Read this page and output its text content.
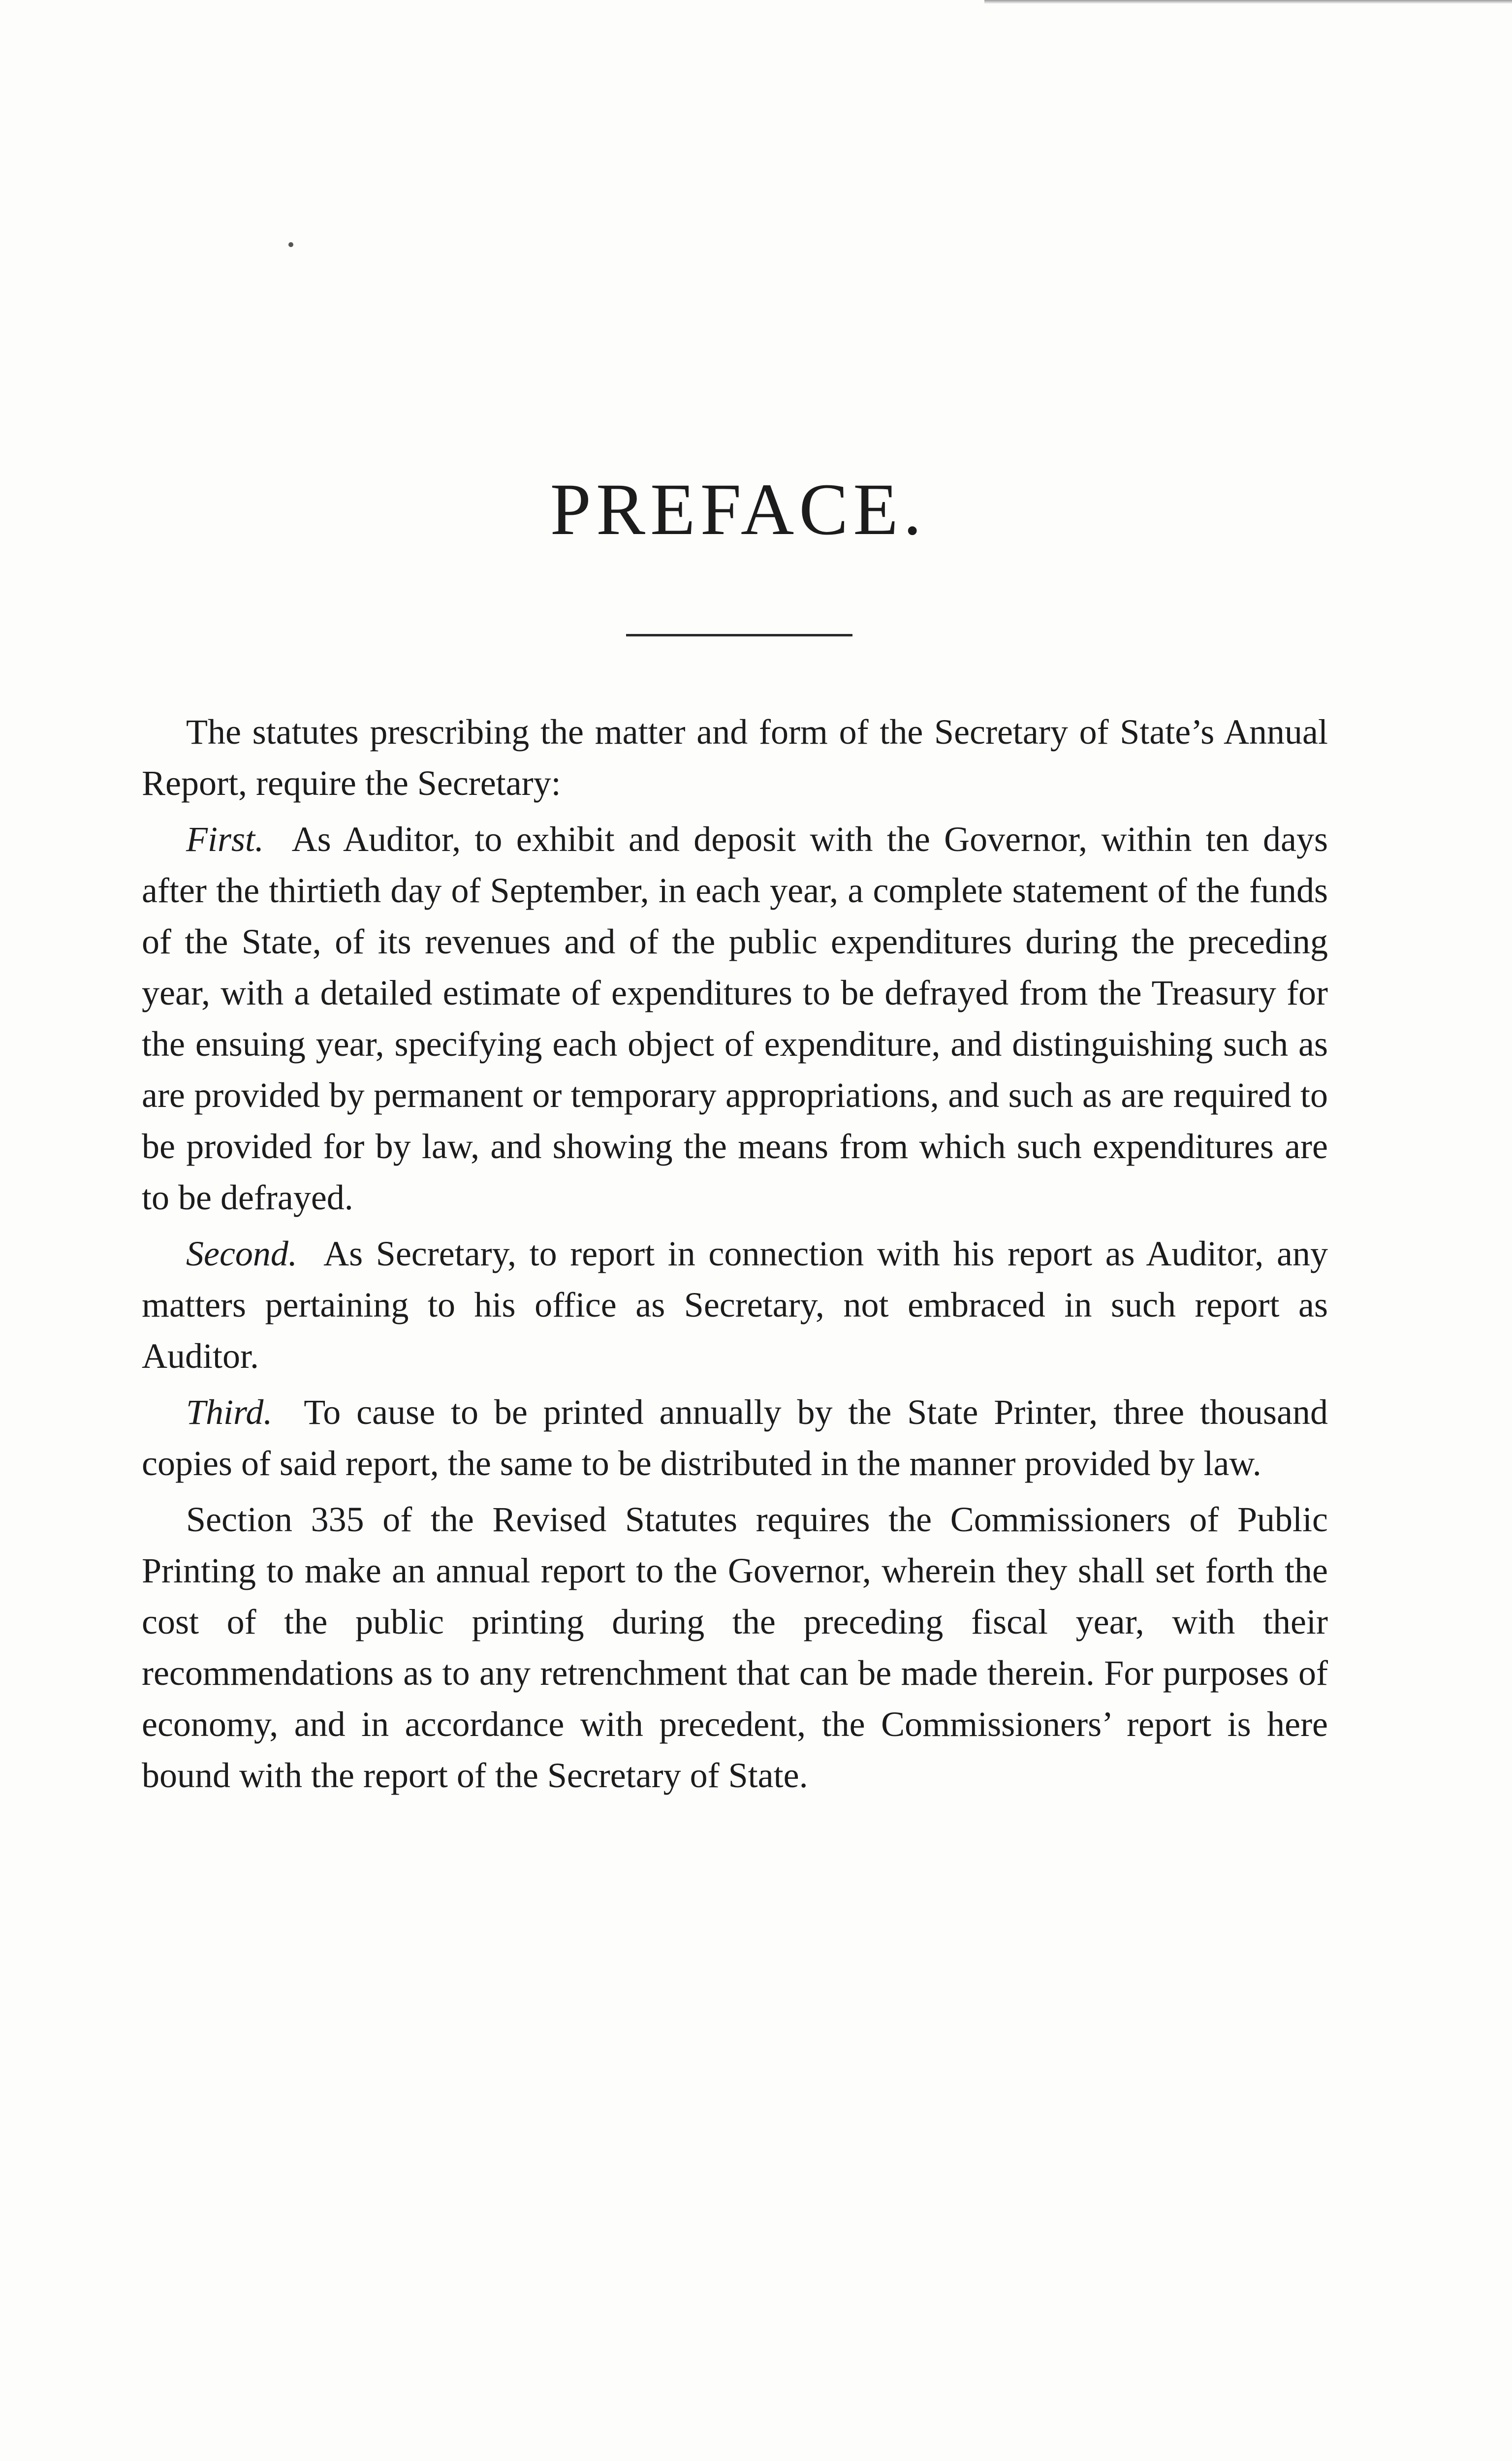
PREFACE.

The statutes prescribing the matter and form of the Secretary of State’s Annual Report, require the Secretary:

First. As Auditor, to exhibit and deposit with the Governor, within ten days after the thirtieth day of September, in each year, a complete statement of the funds of the State, of its revenues and of the public expenditures during the preceding year, with a detailed estimate of expenditures to be defrayed from the Treasury for the ensuing year, specifying each object of expenditure, and distinguishing such as are provided by permanent or temporary appropriations, and such as are required to be provided for by law, and showing the means from which such expenditures are to be defrayed.

Second. As Secretary, to report in connection with his report as Auditor, any matters pertaining to his office as Secretary, not embraced in such report as Auditor.

Third. To cause to be printed annually by the State Printer, three thousand copies of said report, the same to be distributed in the manner provided by law.

Section 335 of the Revised Statutes requires the Commissioners of Public Printing to make an annual report to the Governor, wherein they shall set forth the cost of the public printing during the preceding fiscal year, with their recommendations as to any retrenchment that can be made therein. For purposes of economy, and in accordance with precedent, the Commissioners’ report is here bound with the report of the Secretary of State.
